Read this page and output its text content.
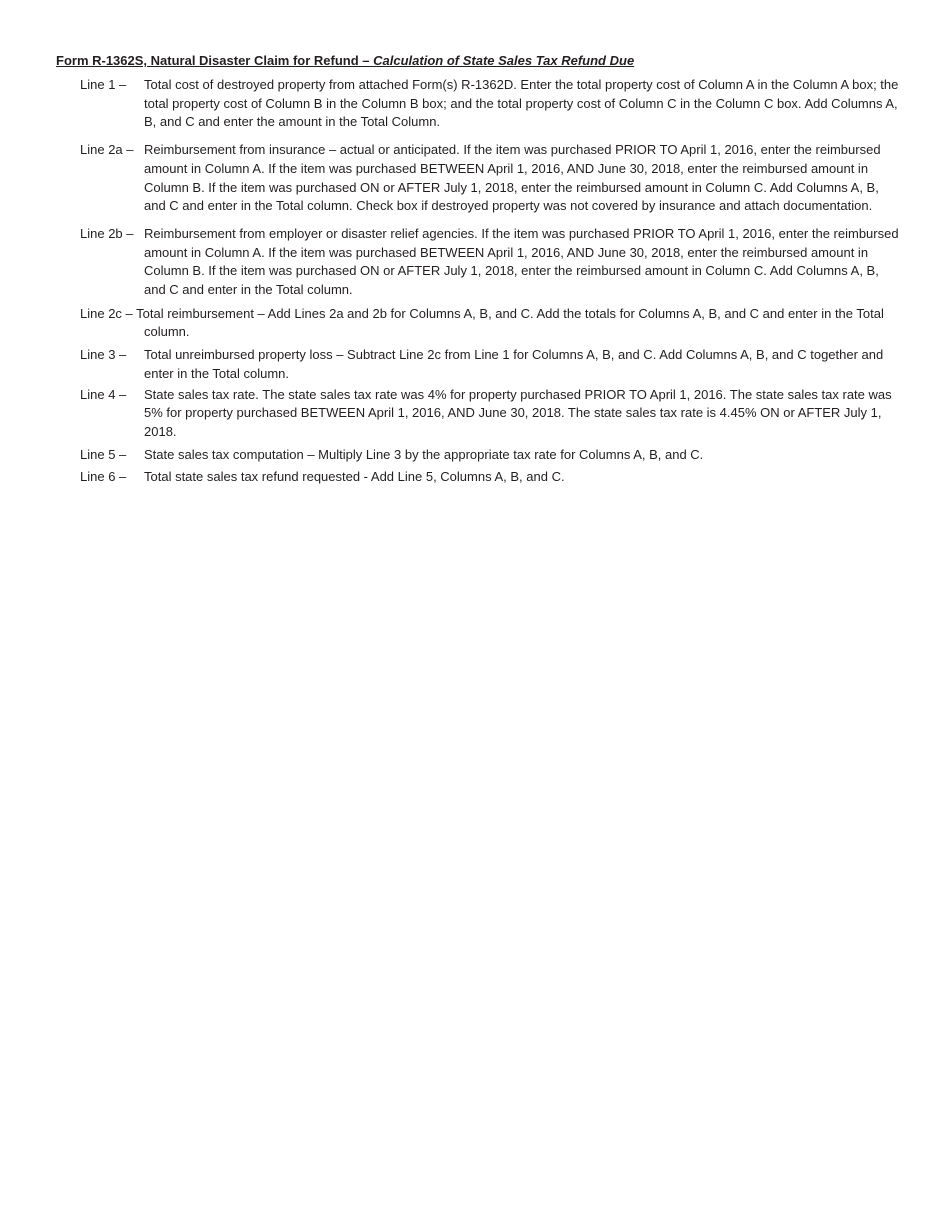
Form R-1362S, Natural Disaster Claim for Refund – Calculation of State Sales Tax Refund Due
Line 1 – Total cost of destroyed property from attached Form(s) R-1362D. Enter the total property cost of Column A in the Column A box; the total property cost of Column B in the Column B box; and the total property cost of Column C in the Column C box. Add Columns A, B, and C and enter the amount in the Total Column.
Line 2a – Reimbursement from insurance – actual or anticipated. If the item was purchased PRIOR TO April 1, 2016, enter the reimbursed amount in Column A. If the item was purchased BETWEEN April 1, 2016, AND June 30, 2018, enter the reimbursed amount in Column B. If the item was purchased ON or AFTER July 1, 2018, enter the reimbursed amount in Column C. Add Columns A, B, and C and enter in the Total column. Check box if destroyed property was not covered by insurance and attach documentation.
Line 2b – Reimbursement from employer or disaster relief agencies. If the item was purchased PRIOR TO April 1, 2016, enter the reimbursed amount in Column A. If the item was purchased BETWEEN April 1, 2016, AND June 30, 2018, enter the reimbursed amount in Column B. If the item was purchased ON or AFTER July 1, 2018, enter the reimbursed amount in Column C. Add Columns A, B, and C and enter in the Total column.
Line 2c – Total reimbursement – Add Lines 2a and 2b for Columns A, B, and C. Add the totals for Columns A, B, and C and enter in the Total column.
Line 3 – Total unreimbursed property loss – Subtract Line 2c from Line 1 for Columns A, B, and C. Add Columns A, B, and C together and enter in the Total column.
Line 4 – State sales tax rate. The state sales tax rate was 4% for property purchased PRIOR TO April 1, 2016. The state sales tax rate was 5% for property purchased BETWEEN April 1, 2016, AND June 30, 2018. The state sales tax rate is 4.45% ON or AFTER July 1, 2018.
Line 5 – State sales tax computation – Multiply Line 3 by the appropriate tax rate for Columns A, B, and C.
Line 6 – Total state sales tax refund requested - Add Line 5, Columns A, B, and C.
